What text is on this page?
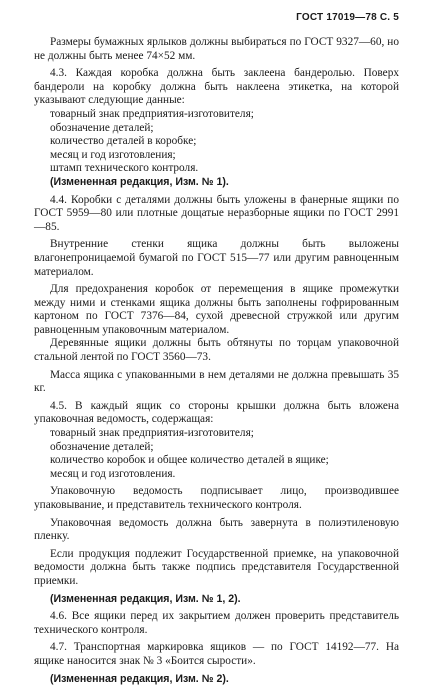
ГОСТ 17019—78 С. 5

Размеры бумажных ярлыков должны выбираться по ГОСТ 9327—60, но не должны быть менее 74×52 мм.

4.3. Каждая коробка должна быть заклеена бандеролью. Поверх бандероли на коробку должна быть наклеена этикетка, на которой указывают следующие данные:

товарный знак предприятия-изготовителя;

обозначение деталей;

количество деталей в коробке;

месяц и год изготовления;

штамп технического контроля.

(Измененная редакция, Изм. № 1).

4.4. Коробки с деталями должны быть уложены в фанерные ящики по ГОСТ 5959—80 или плотные дощатые неразборные ящики по ГОСТ 2991—85.

Внутренние стенки ящика должны быть выложены влагонепроницаемой бумагой по ГОСТ 515—77 или другим равноценным материалом.

Для предохранения коробок от перемещения в ящике промежутки между ними и стенками ящика должны быть заполнены гофрированным картоном по ГОСТ 7376—84, сухой древесной стружкой или другим равноценным упаковочным материалом.

Деревянные ящики должны быть обтянуты по торцам упаковочной стальной лентой по ГОСТ 3560—73.

Масса ящика с упакованными в нем деталями не должна превышать 35 кг.

4.5. В каждый ящик со стороны крышки должна быть вложена упаковочная ведомость, содержащая:

товарный знак предприятия-изготовителя;

обозначение деталей;

количество коробок и общее количество деталей в ящике;

месяц и год изготовления.

Упаковочную ведомость подписывает лицо, производившее упаковывание, и представитель технического контроля.

Упаковочная ведомость должна быть завернута в полиэтиленовую пленку.

Если продукция подлежит Государственной приемке, на упаковочной ведомости должна быть также подпись представителя Государственной приемки.

(Измененная редакция, Изм. № 1, 2).

4.6. Все ящики перед их закрытием должен проверить представитель технического контроля.

4.7. Транспортная маркировка ящиков — по ГОСТ 14192—77. На ящике наносится знак № 3 «Боится сырости».

(Измененная редакция, Изм. № 2).
